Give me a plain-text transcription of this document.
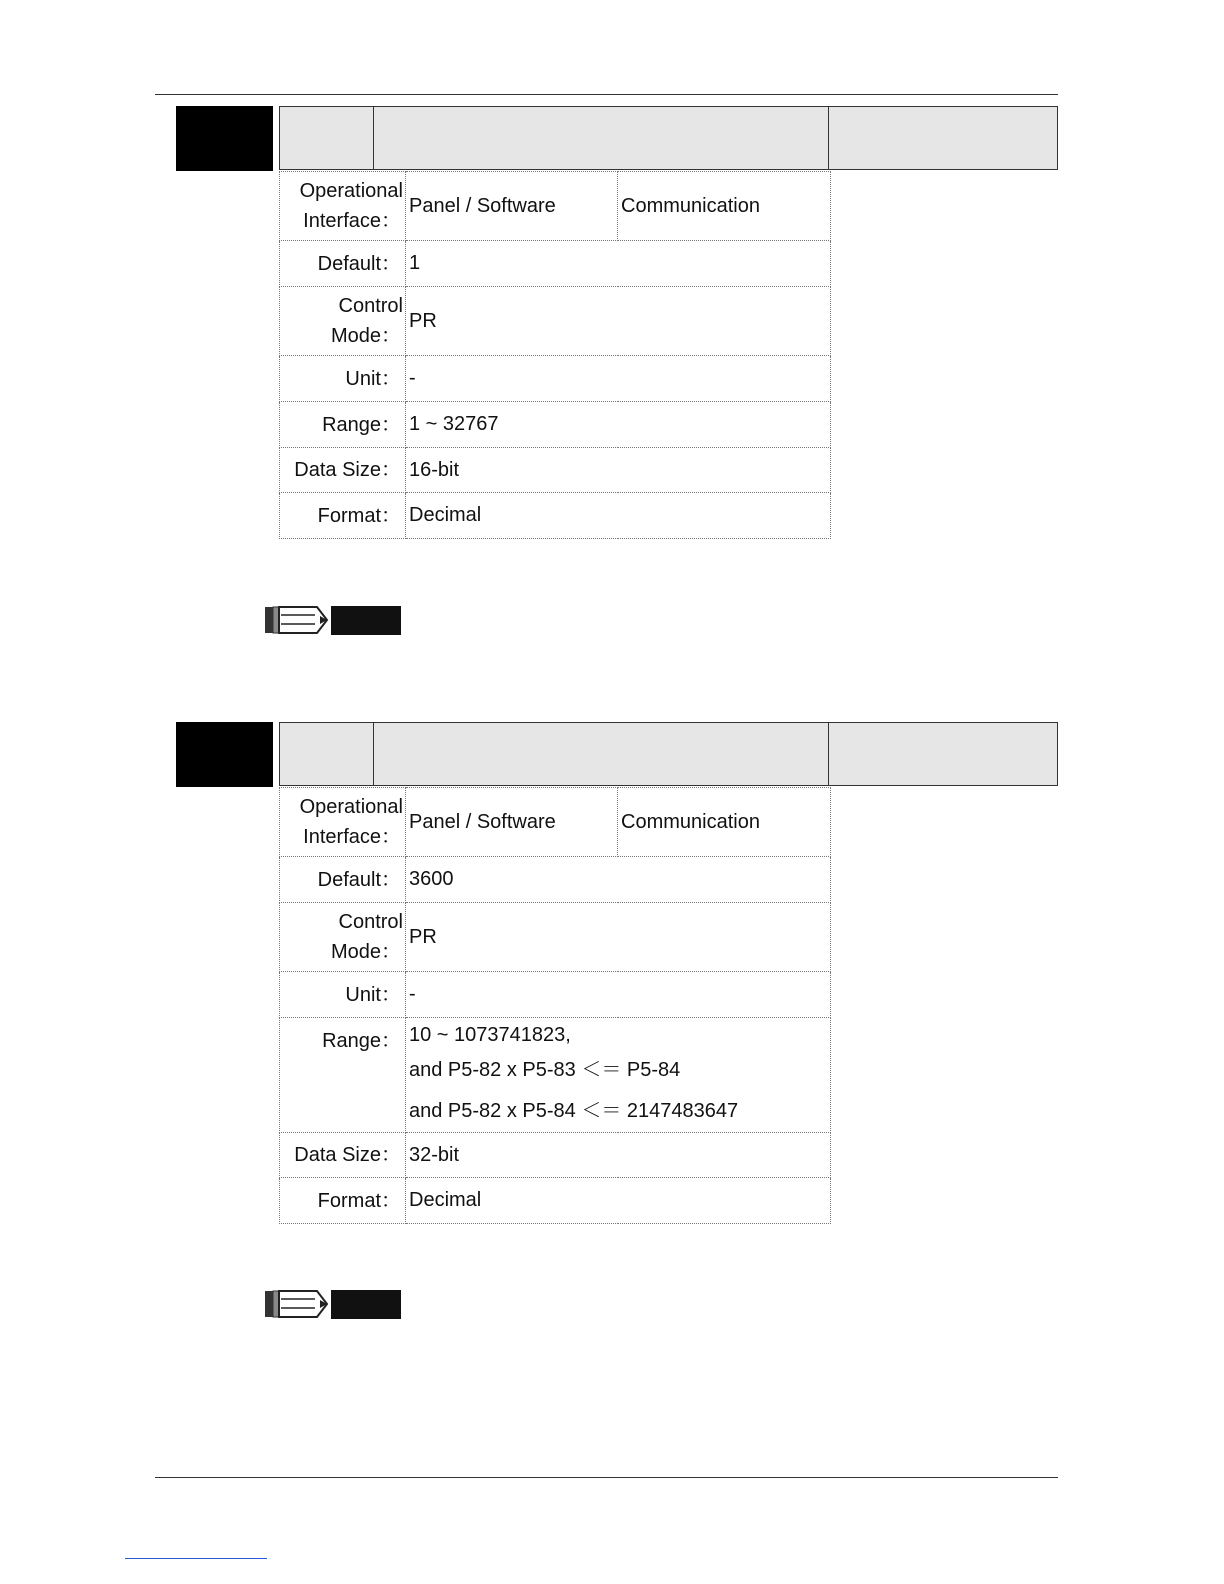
Operational
Interface：	Panel / Software	Communication
Default：	1	
Control
Mode：	PR	
Unit：	-	
Range：	1 ~ 32767	
Data Size：	16-bit	
Format：	Decimal	
Operational
Interface：	Panel / Software	Communication
Default：	3600	
Control
Mode：	PR	
Unit：	-	
Range：	10 ~ 1073741823,
and P5-82 x P5-83 ＜＝ P5-84
and P5-82 x P5-84 ＜＝ 2147483647	

Data Size：	32-bit	
Format：	Decimal	
